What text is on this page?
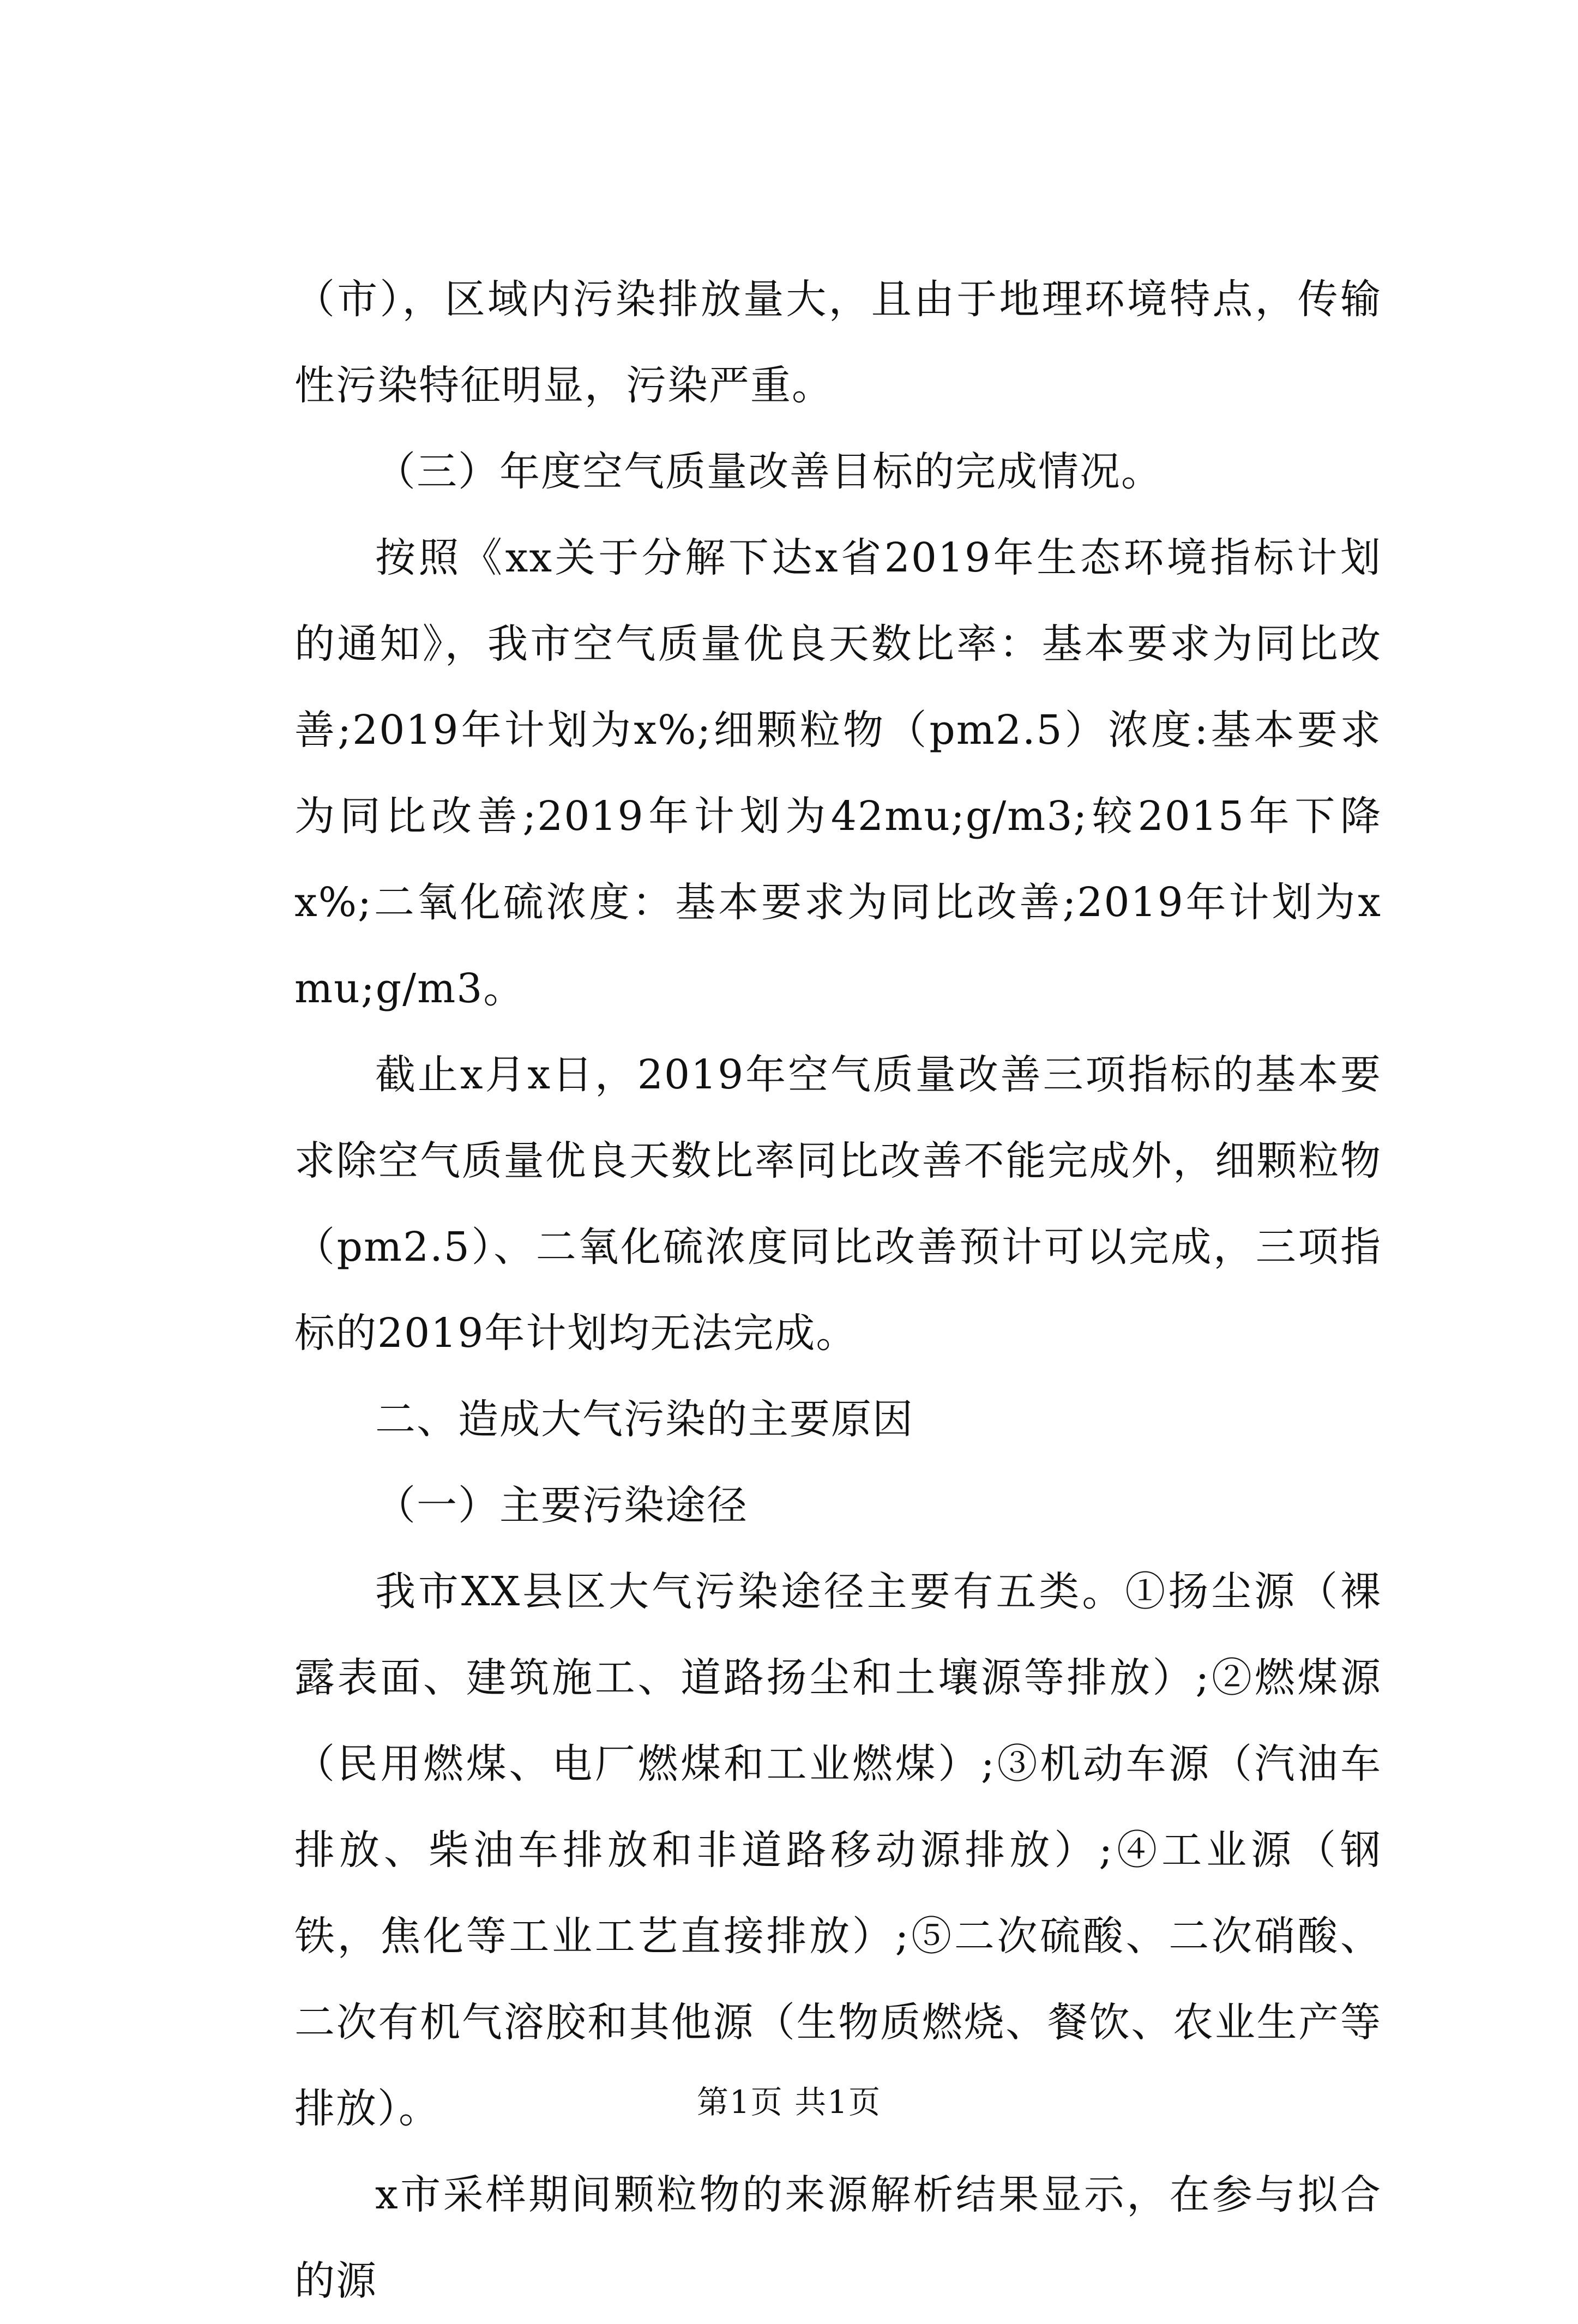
（市），区域内污染排放量大，且由于地理环境特点，传输性污染特征明显，污染严重。

（三）年度空气质量改善目标的完成情况。

按照《xx关于分解下达x省2019年生态环境指标计划的通知》，我市空气质量优良天数比率：基本要求为同比改善;2019年计划为x%;细颗粒物（pm2.5）浓度:基本要求为同比改善;2019年计划为42mu;g/m3;较2015年下降x%;二氧化硫浓度：基本要求为同比改善;2019年计划为xmu;g/m3。

截止x月x日，2019年空气质量改善三项指标的基本要求除空气质量优良天数比率同比改善不能完成外，细颗粒物（pm2.5）、二氧化硫浓度同比改善预计可以完成，三项指标的2019年计划均无法完成。

二、造成大气污染的主要原因

（一）主要污染途径

我市XX县区大气污染途径主要有五类。①扬尘源（裸露表面、建筑施工、道路扬尘和土壤源等排放）;②燃煤源（民用燃煤、电厂燃煤和工业燃煤）;③机动车源（汽油车排放、柴油车排放和非道路移动源排放）;④工业源（钢铁，焦化等工业工艺直接排放）;⑤二次硫酸、二次硝酸、二次有机气溶胶和其他源（生物质燃烧、餐饮、农业生产等排放）。

x市采样期间颗粒物的来源解析结果显示，在参与拟合的源

第1页 共1页
